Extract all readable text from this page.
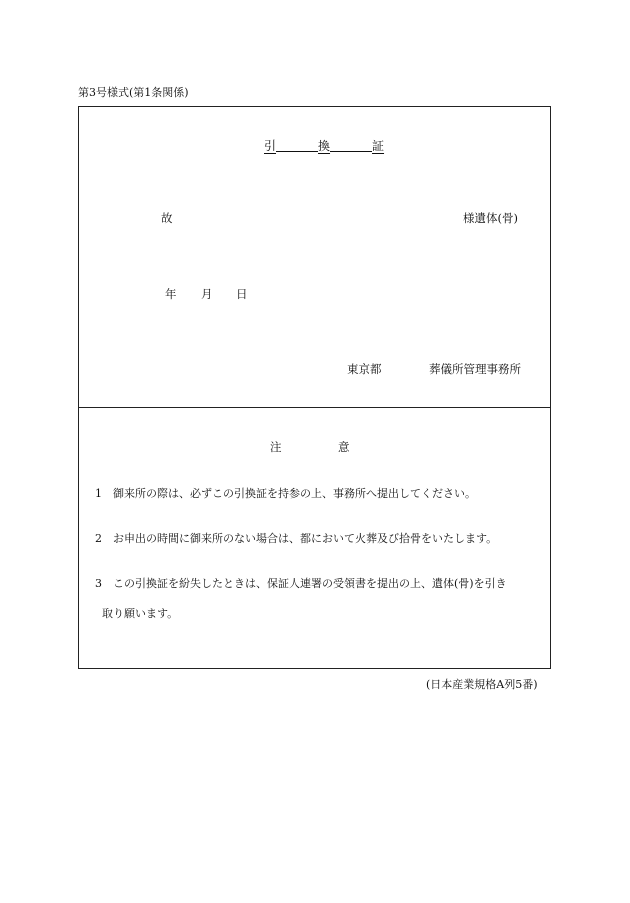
第3号様式(第1条関係)
引	換	証
故	様遺体(骨)
年 月 日
東京都	葬儀所管理事務所
注	意
1 御来所の際は、必ずこの引換証を持参の上、事務所へ提出してください。
2 お申出の時間に御来所のない場合は、都において火葬及び拾骨をいたします。
3 この引換証を紛失したときは、保証人連署の受領書を提出の上、遺体(骨)を引き
取り願います。
(日本産業規格A列5番)
